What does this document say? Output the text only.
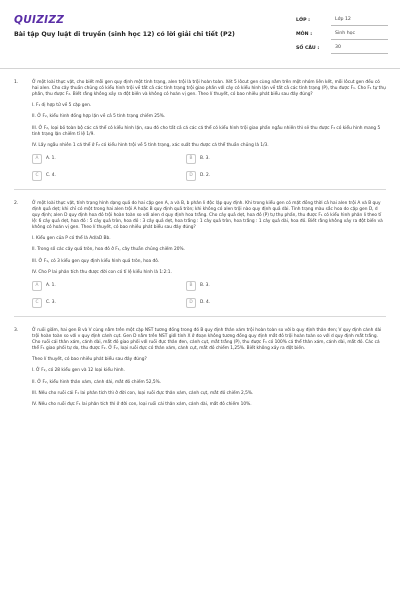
QUIZIZZ
Bài tập Quy luật di truyền (sinh học 12) có lời giải chi tiết (P2)
LỚP :	Lớp 12
MÔN :	Sinh học
SỐ CÂU :	30
1.	Ở một loài thực vật, cho biết mỗi gen quy định một tính trạng, alen trội là trội hoàn toàn. Xét 5 lôcut gen cùng nằm trên một nhóm liên kết, mỗi lôcut gen đều có hai alen. Cho cây thuần chủng có kiểu hình trội về tất cả các tính trạng trội giao phấn với cây có kiểu hình lặn về tất cả các tính trạng (P), thu được F₁. Cho F₁ tự thụ phấn, thu được F₂. Biết rằng không xảy ra đột biến và không có hoán vị gen. Theo lí thuyết, có bao nhiêu phát biểu sau đây đúng?
I. F₁ dị hợp tử về 5 cặp gen.
II. Ở F₂, kiểu hình đồng hợp lặn về cả 5 tính trạng chiếm 25%.
III. Ở F₂, loại bỏ toàn bộ các cá thể có kiểu hình lặn, sau đó cho tất cả cá các cá thể có kiểu hình trội giao phấn ngẫu nhiên thì sẽ thu được F₃ có kiểu hình mang 5 tính trạng lặn chiếm tỉ lệ 1/9.
IV. Lấy ngẫu nhiên 1 cá thể ở F₂ có kiểu hình trội về 5 tính trạng, xác suất thu được cá thể thuần chủng là 1/3.
A	A. 1.	B	B. 3.
C	C. 4.	D	D. 2.
2.	Ở một loài thực vật, tính trạng hình dạng quả do hai cặp gen A, a và B, b phân li độc lập quy định. Khi trong kiểu gen có mặt đồng thời cả hai alen trội A và B quy định quả dẹt; khi chỉ có một trong hai alen trội A hoặc B quy định quả tròn; khi không có alen trội nào quy định quả dài. Tính trạng màu sắc hoa do cặp gen D, d quy định; alen D quy định hoa đỏ trội hoàn toàn so với alen d quy định hoa trắng. Cho cây quả dẹt, hoa đỏ (P) tự thụ phấn, thu được F₁ có kiểu hình phân li theo tỉ lệ: 6 cây quả dẹt, hoa đỏ : 5 cây quả tròn, hoa đỏ : 3 cây quả dẹt, hoa trắng : 1 cây quả tròn, hoa trắng : 1 cây quả dài, hoa đỏ. Biết rằng không xảy ra đột biến và không có hoán vị gen. Theo lí thuyết, có bao nhiêu phát biểu sau đây đúng?
I. Kiểu gen của P có thể là Ad/aD Bb.
II. Trong số các cây quả tròn, hoa đỏ ở F₁, cây thuần chủng chiếm 20%.
III. Ở F₁, có 3 kiểu gen quy định kiểu hình quả tròn, hoa đỏ.
IV. Cho P lai phân tích thu được đời con có tỉ lệ kiểu hình là 1:2:1.
A	A. 1.	B	B. 3.
C	C. 3.	D	D. 4.
3.	Ở ruồi giấm, hai gen B và V cùng nằm trên một cặp NST tương đồng trong đó B quy định thân xám trội hoàn toàn so với b quy định thân đen; V quy định cánh dài trội hoàn toàn so với v quy định cánh cụt. Gen D nằm trên NST giới tính X ở đoạn không tương đồng quy định mắt đỏ trội hoàn toàn so với d quy định mắt trắng. Cho ruồi cái thân xám, cánh dài, mắt đỏ giao phối với ruồi đực thân đen, cánh cụt, mắt trắng (P), thu được F₁ có 100% cá thể thân xám, cánh dài, mắt đỏ. Các cá thể F₁ giao phối tự do, thu được F₂. Ở F₂, loại ruồi đực có thân xám, cánh cụt, mắt đỏ chiếm 1,25%. Biết không xảy ra đột biến.
Theo lí thuyết, có bao nhiêu phát biểu sau đây đúng?
I. Ở F₂, có 28 kiểu gen và 12 loại kiểu hình.
II. Ở F₂, kiểu hình thân xám, cánh dài, mắt đỏ chiếm 52,5%.
III. Nếu cho ruồi cái F₁ lai phân tích thì ở đời con, loại ruồi đực thân xám, cánh cụt, mắt đỏ chiếm 2,5%.
IV. Nếu cho ruồi đực F₁ lai phân tích thì ở đời con, loại ruồi cái thân xám, cánh dài, mắt đỏ chiếm 10%.
